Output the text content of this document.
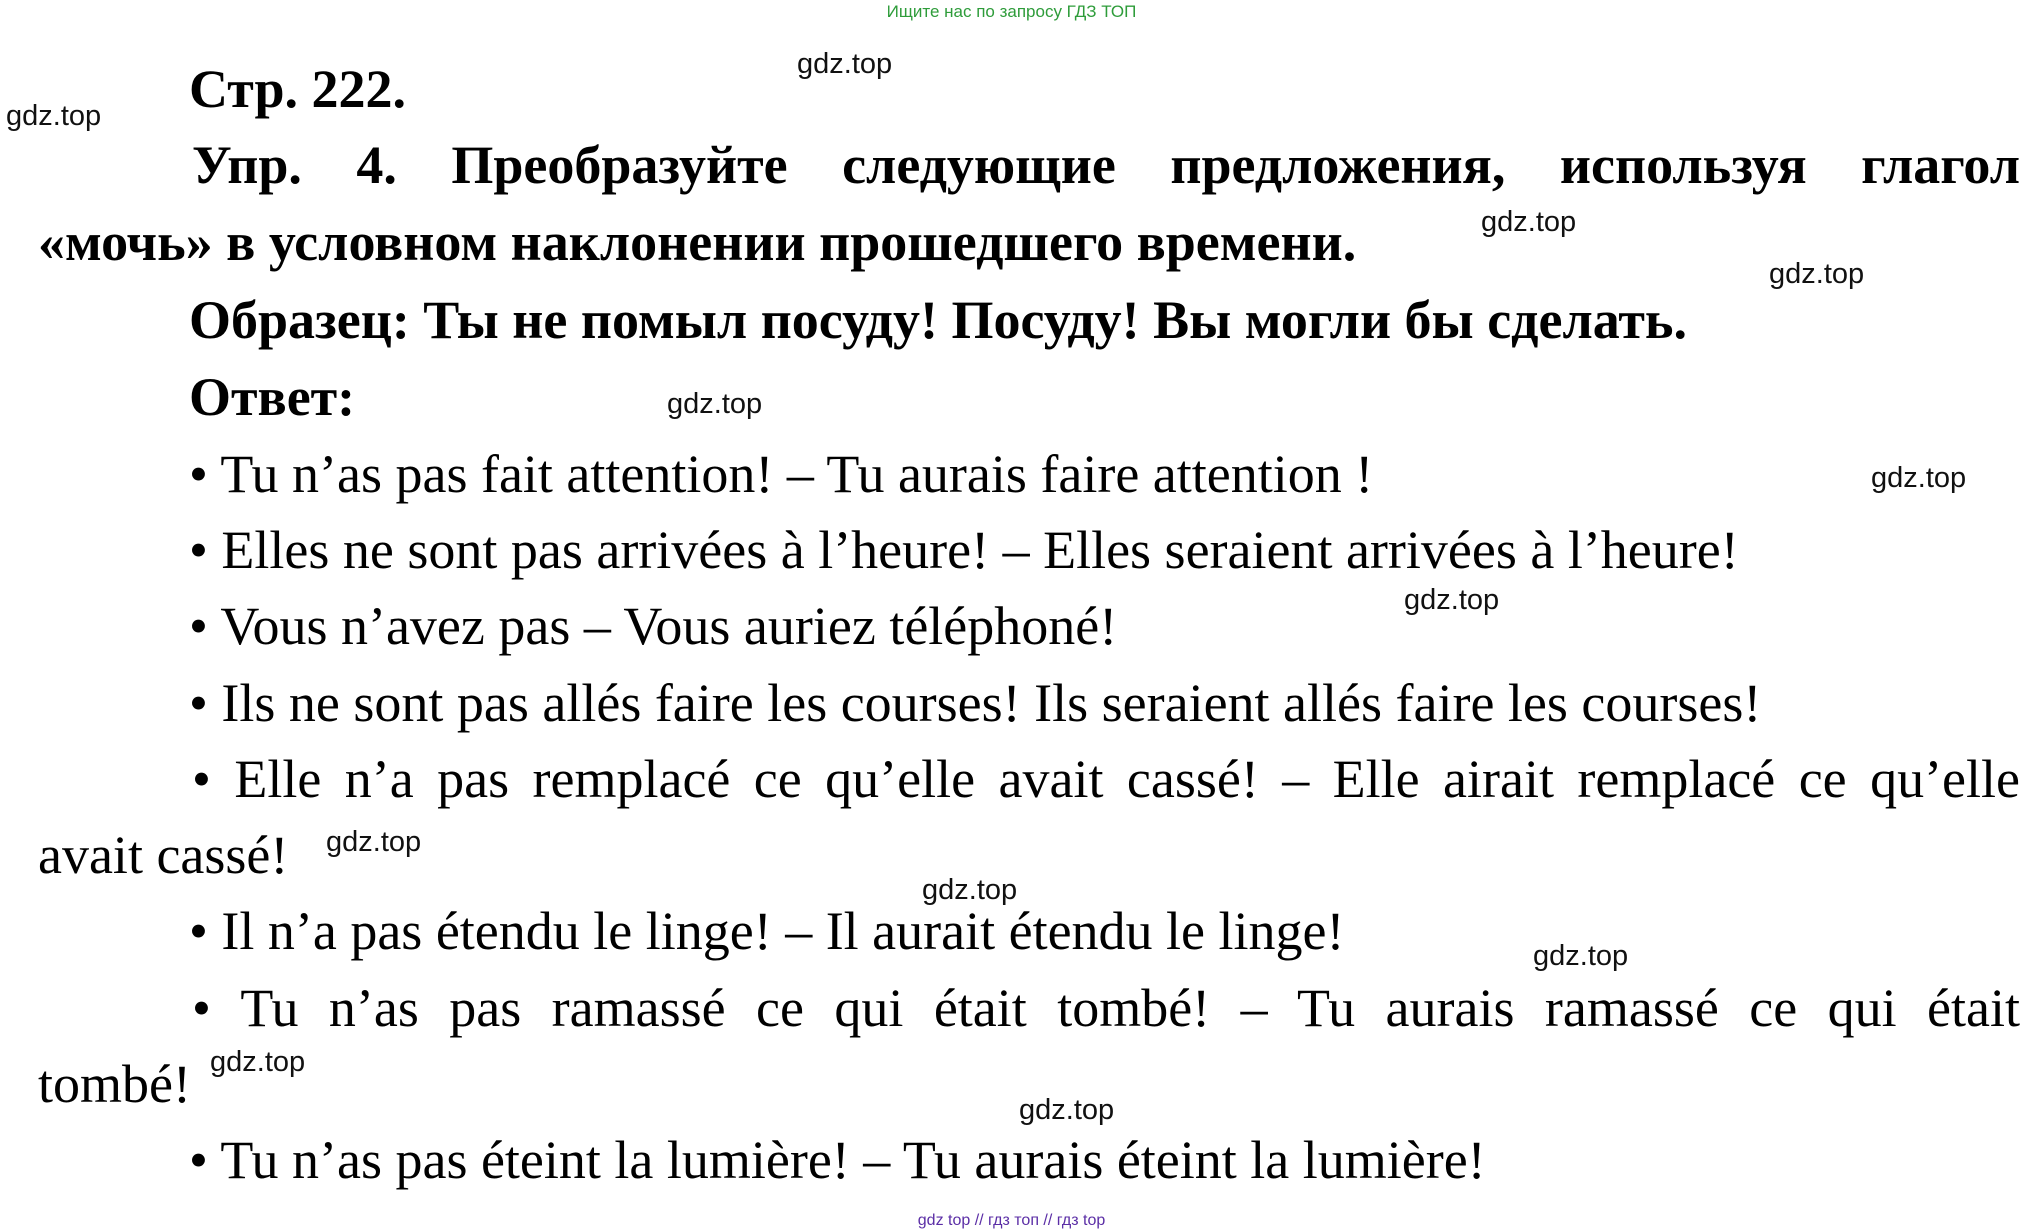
Ищите нас по запросу ГДЗ ТОП
gdz.top
gdz.top
gdz.top
gdz.top
gdz.top
gdz.top
gdz.top
gdz.top
gdz.top
gdz.top
gdz.top
gdz.top
Стр. 222.
Упр. 4. Преобразуйте следующие предложения, используя глагол
«мочь» в условном наклонении прошедшего времени.
Образец: Ты не помыл посуду! Посуду! Вы могли бы сделать.
Ответ:
• Tu n’as pas fait attention! – Tu aurais faire attention !
• Elles ne sont pas arrivées à l’heure! – Elles seraient arrivées à l’heure!
• Vous n’avez pas – Vous auriez téléphoné!
• Ils ne sont pas allés faire les courses! Ils seraient allés faire les courses!
• Elle n’a pas remplacé ce qu’elle avait cassé! – Elle airait remplacé ce qu’elle
avait cassé!
• Il n’a pas étendu le linge! – Il aurait étendu le linge!
• Tu n’as pas ramassé ce qui était tombé! – Tu aurais ramassé ce qui était
tombé!
• Tu n’as pas éteint la lumière! – Tu aurais éteint la lumière!
gdz top // гдз топ // гдз top
